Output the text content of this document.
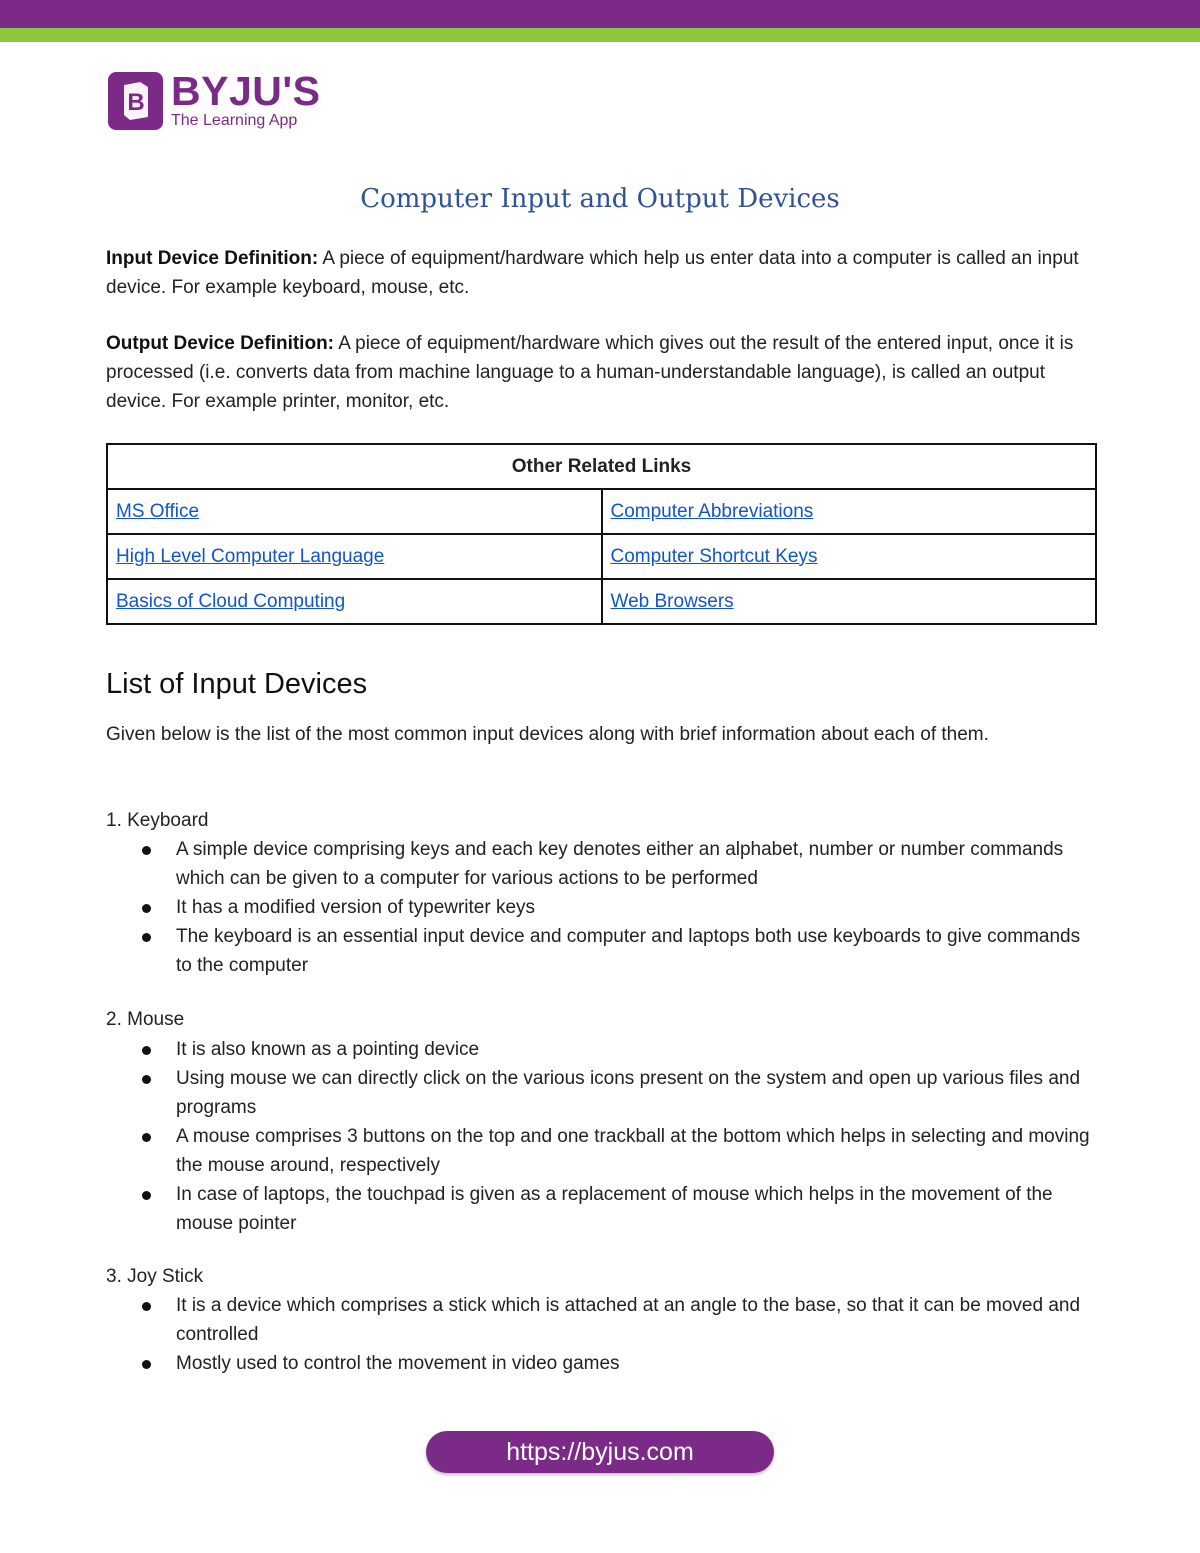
B BYJU'S
The Learning App
Computer Input and Output Devices
Input Device Definition: A piece of equipment/hardware which help us enter data into a computer is called an input device. For example keyboard, mouse, etc.
Output Device Definition: A piece of equipment/hardware which gives out the result of the entered input, once it is processed (i.e. converts data from machine language to a human-understandable language), is called an output device. For example printer, monitor, etc.
Other Related Links	
MS Office	Computer Abbreviations
High Level Computer Language	Computer Shortcut Keys
Basics of Cloud Computing	Web Browsers
List of Input Devices
Given below is the list of the most common input devices along with brief information about each of them.
1. Keyboard
A simple device comprising keys and each key denotes either an alphabet, number or number commands which can be given to a computer for various actions to be performed
It has a modified version of typewriter keys
The keyboard is an essential input device and computer and laptops both use keyboards to give commands to the computer
2. Mouse
It is also known as a pointing device
Using mouse we can directly click on the various icons present on the system and open up various files and programs
A mouse comprises 3 buttons on the top and one trackball at the bottom which helps in selecting and moving the mouse around, respectively
In case of laptops, the touchpad is given as a replacement of mouse which helps in the movement of the mouse pointer
3. Joy Stick
It is a device which comprises a stick which is attached at an angle to the base, so that it can be moved and controlled
Mostly used to control the movement in video games
https://byjus.com
